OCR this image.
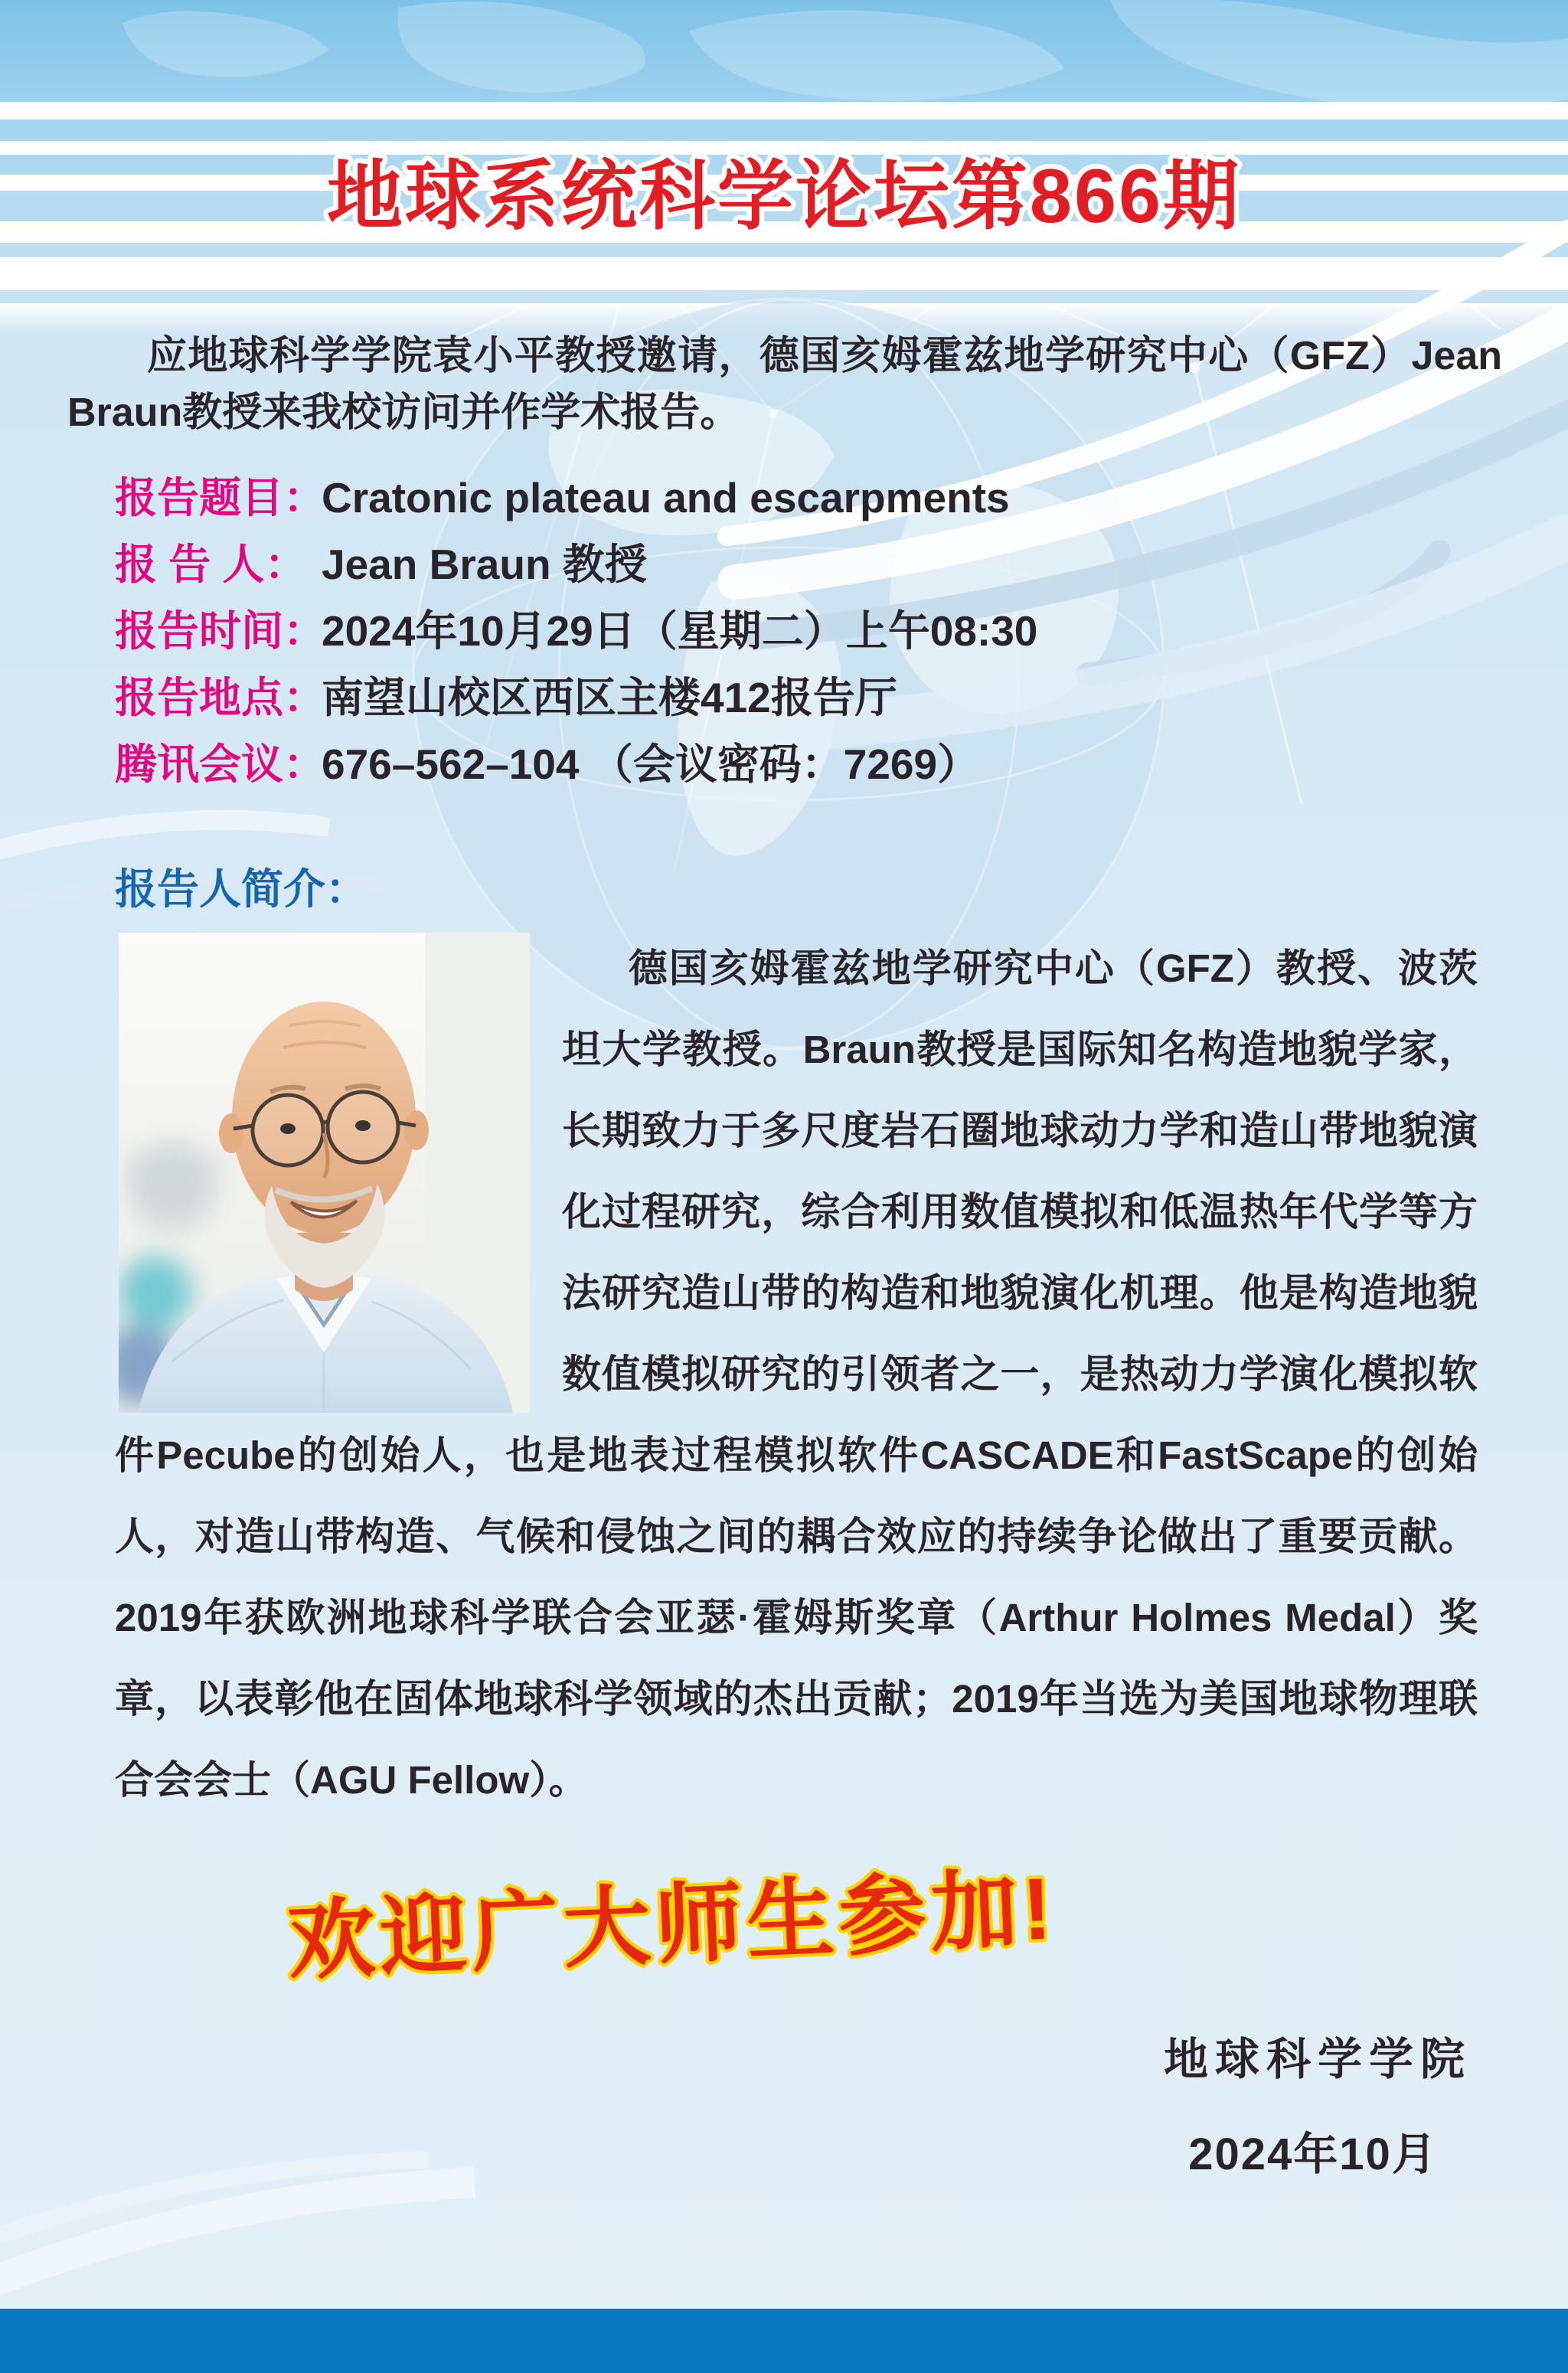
地球系统科学论坛第866期
应地球科学学院袁小平教授邀请，德国亥姆霍兹地学研究中心（GFZ）Jean Braun教授来我校访问并作学术报告。
报告题目：
Cratonic plateau and escarpments
报 告 人： Jean Braun 教授
报告时间：
2024年10月29日（星期二）上午08:30
报告地点：
南望山校区西区主楼412报告厅
腾讯会议：
676–562–104 （会议密码：7269）
报告人简介：
德国亥姆霍兹地学研究中心（GFZ）教授、波茨坦大学教授。Braun教授是国际知名构造地貌学家，长期致力于多尺度岩石圈地球动力学和造山带地貌演化过程研究，综合利用数值模拟和低温热年代学等方法研究造山带的构造和地貌演化机理。他是构造地貌数值模拟研究的引领者之一，是热动力学演化模拟软件Pecube的创始人，也是地表过程模拟软件CASCADE和FastScape的创始人，对造山带构造、气候和侵蚀之间的耦合效应的持续争论做出了重要贡献。2019年获欧洲地球科学联合会亚瑟·霍姆斯奖章（Arthur Holmes Medal）奖章，以表彰他在固体地球科学领域的杰出贡献；2019年当选为美国地球物理联合会会士（AGU Fellow）。
欢迎广大师生参加!
地球科学学院
2024年10月
